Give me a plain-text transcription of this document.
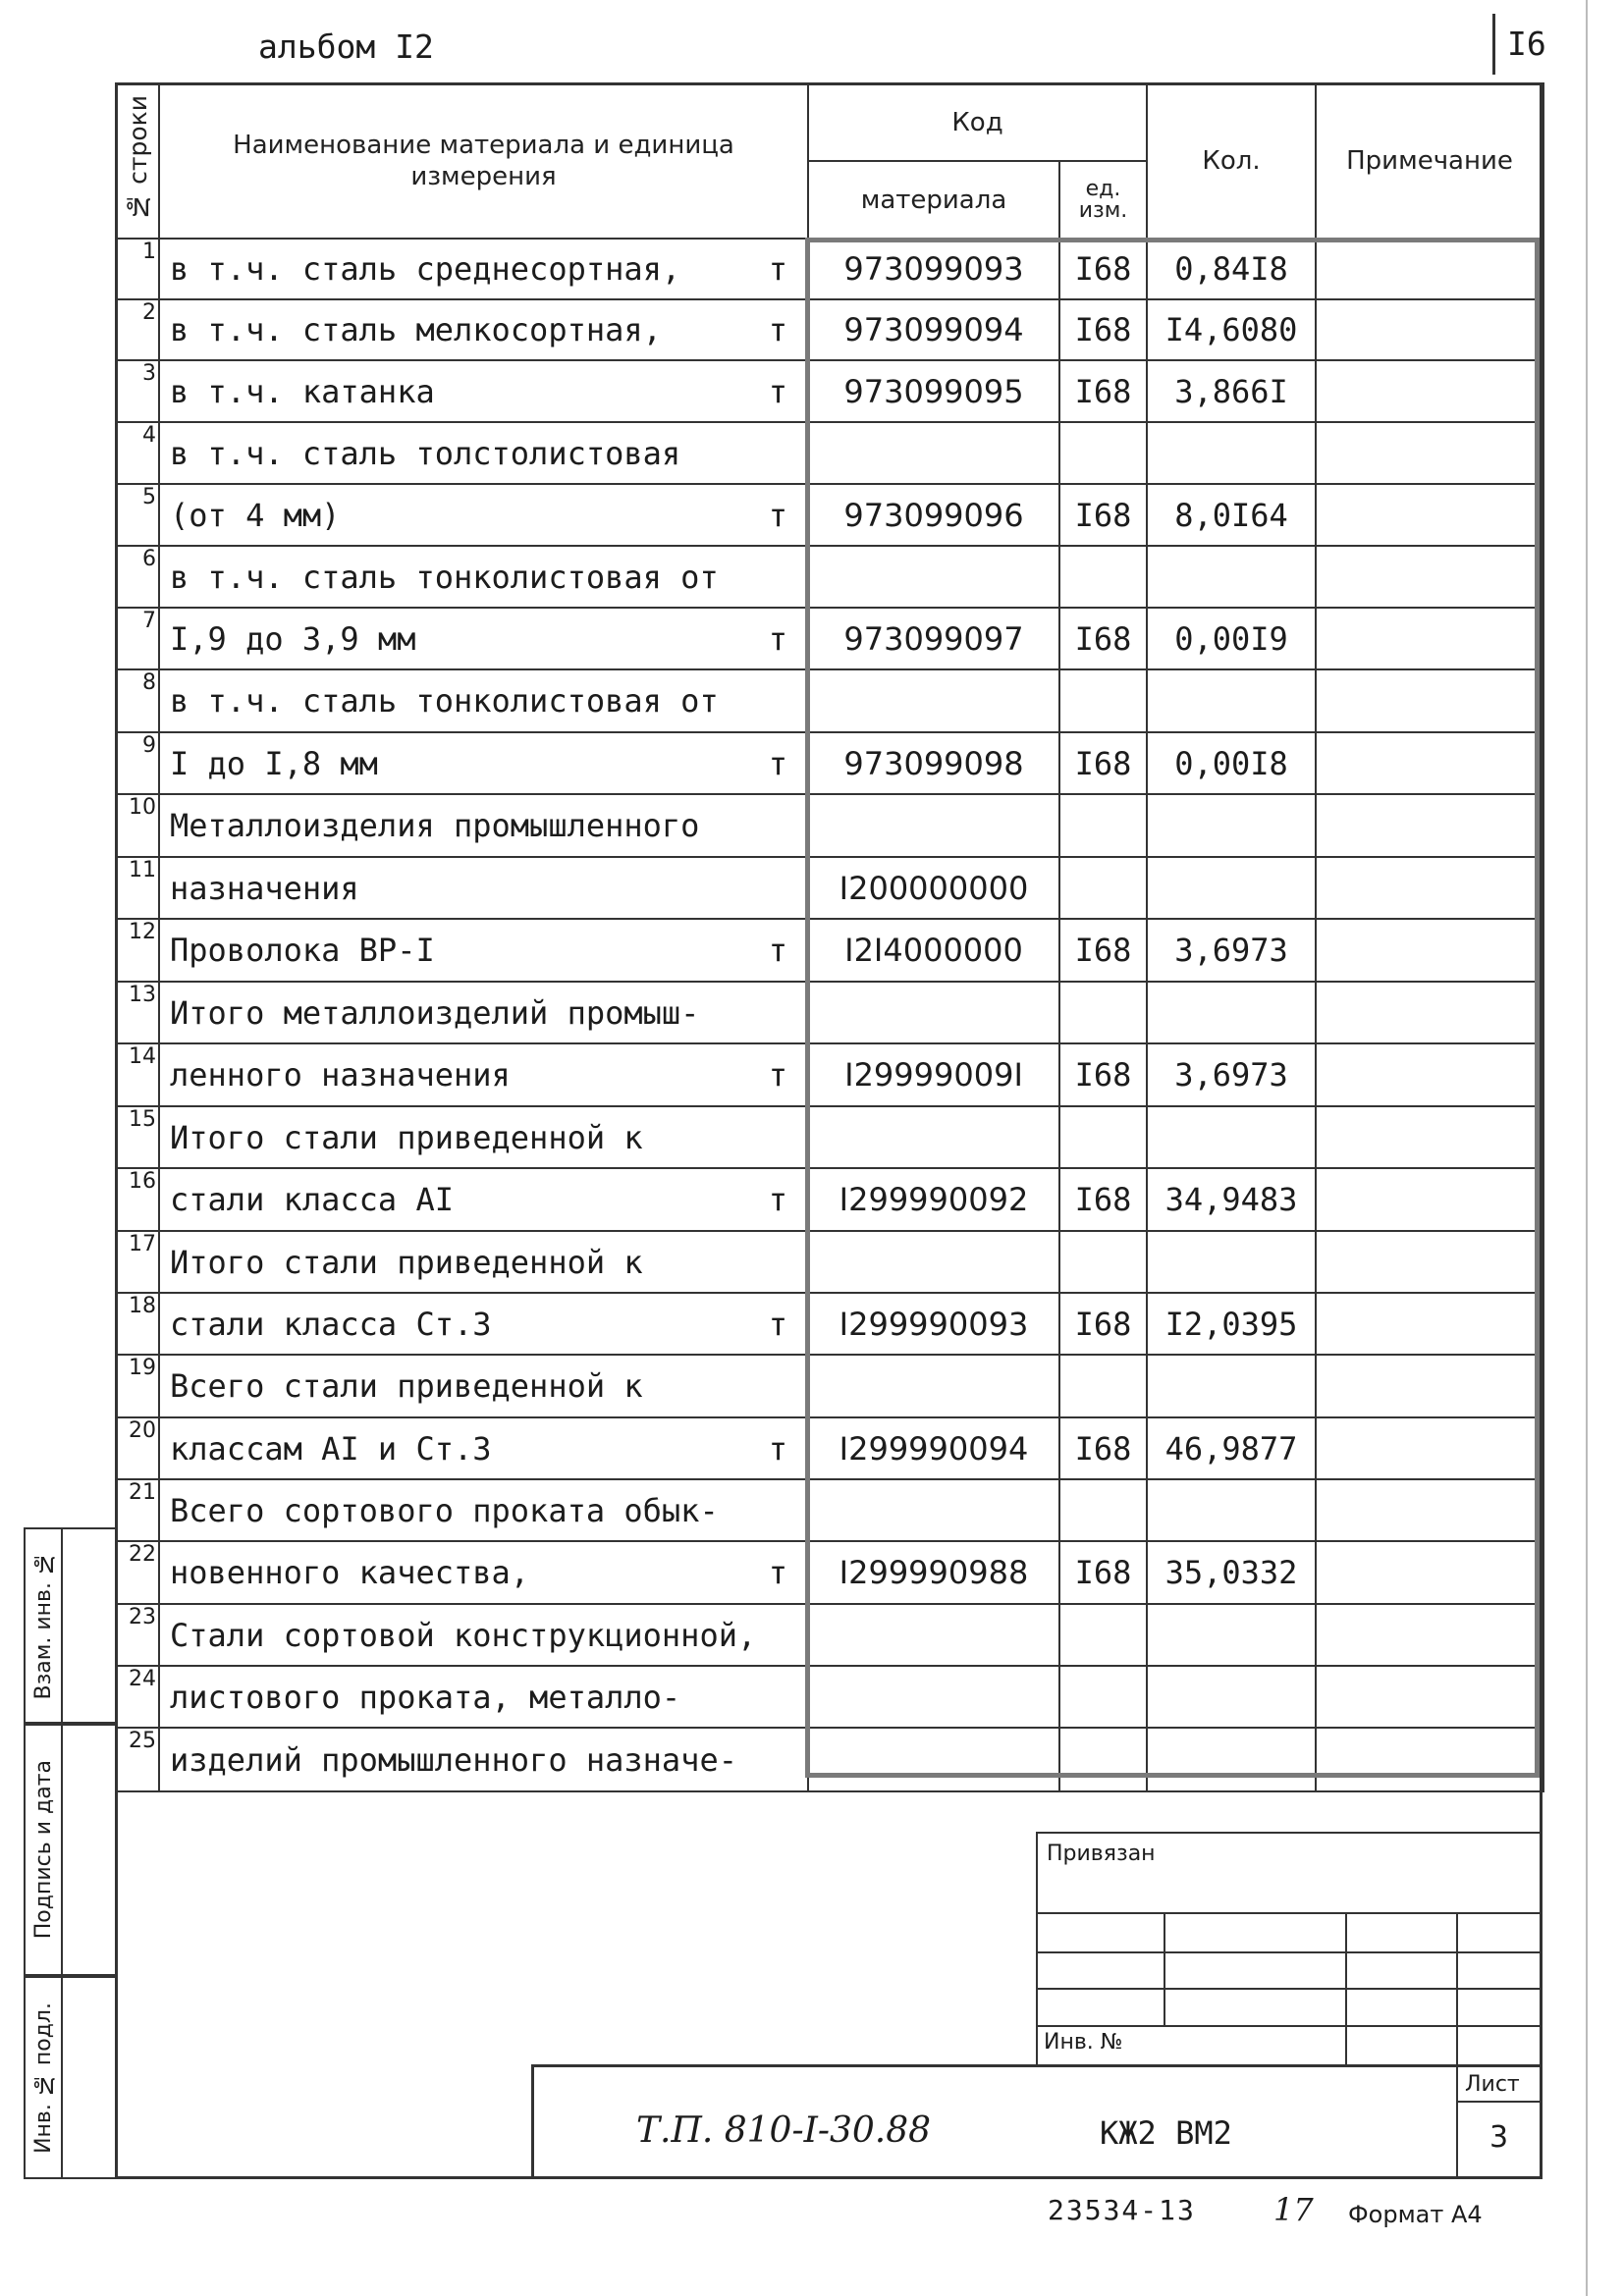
альбом I2	I6
№ строки	Наименование материала и единица измерения	Код		Кол.	Примечание
		материала	ед. изм.		
1	в т.ч. сталь среднесортная, т	973099093	I68	0,84I8	
2	в т.ч. сталь мелкосортная, т	973099094	I68	I4,6080	
3	в т.ч. катанка т	973099095	I68	3,866I	
4	в т.ч. сталь толстолистовая

5	(от 4 мм) т	973099096	I68	8,0I64	
6	в т.ч. сталь тонколистовая от

7	I,9 до 3,9 мм т	973099097	I68	0,00I9	
8	в т.ч. сталь тонколистовая от

9	I до I,8 мм т	973099098	I68	0,00I8	
10	Металлоизделия промышленного

11	назначения	I200000000			
12	Проволока ВР-I т	I2I4000000	I68	3,6973	
13	Итого металлоизделий промыш-

14	ленного назначения т	I29999009I	I68	3,6973	
15	Итого стали приведенной к

16	стали класса AI т	I299990092	I68	34,9483	
17	Итого стали приведенной к

18	стали класса Ст.3 т	I299990093	I68	I2,0395	
19	Всего стали приведенной к

20	классам AI и Ст.3 т	I299990094	I68	46,9877	
21	Всего сортового проката обык-

22	новенного качества, т	I299990988	I68	35,0332	
23	Стали сортовой конструкционной,

24	листового проката, металло-

25	изделий промышленного назначе-

Взам. инв. №
Подпись и дата
Инв. № подл.
Привязан
Инв. №
Лист
3
Т.П. 810-I-30.88	КЖ2 ВМ2
23534-13 17 Формат A4
